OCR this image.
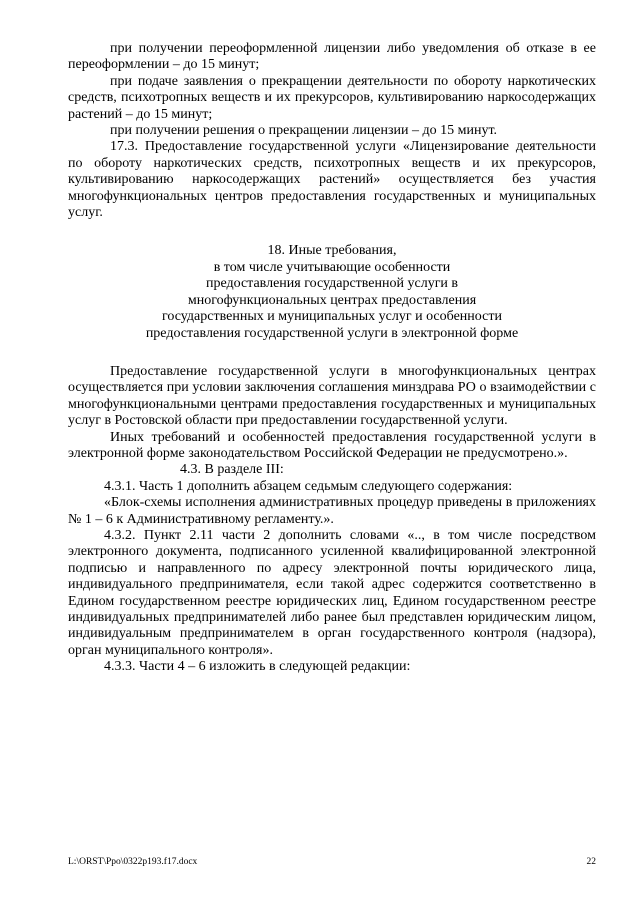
при получении переоформленной лицензии либо уведомления об отказе в ее переоформлении – до 15 минут;

при подаче заявления о прекращении деятельности по обороту наркотических средств, психотропных веществ и их прекурсоров, культивированию наркосодержащих растений – до 15 минут;

при получении решения о прекращении лицензии – до 15 минут.

17.3. Предоставление государственной услуги «Лицензирование деятельности по обороту наркотических средств, психотропных веществ и их прекурсоров, культивированию наркосодержащих растений» осуществляется без участия многофункциональных центров предоставления государственных и муниципальных услуг.

18. Иные требования,
в том числе учитывающие особенности
предоставления государственной услуги в
многофункциональных центрах предоставления
государственных и муниципальных услуг и особенности
предоставления государственной услуги в электронной форме

Предоставление государственной услуги в многофункциональных центрах осуществляется при условии заключения соглашения минздрава РО о взаимодействии с многофункциональными центрами предоставления государственных и муниципальных услуг в Ростовской области при предоставлении государственной услуги.

Иных требований и особенностей предоставления государственной услуги в электронной форме законодательством Российской Федерации не предусмотрено.».

4.3. В разделе III:

4.3.1. Часть 1 дополнить абзацем седьмым следующего содержания:

«Блок-схемы исполнения административных процедур приведены в приложениях № 1 – 6 к Административному регламенту.».

4.3.2. Пункт 2.11 части 2 дополнить словами «.., в том числе посредством электронного документа, подписанного усиленной квалифицированной электронной подписью и направленного по адресу электронной почты юридического лица, индивидуального предпринимателя, если такой адрес содержится соответственно в Едином государственном реестре юридических лиц, Едином государственном реестре индивидуальных предпринимателей либо ранее был представлен юридическим лицом, индивидуальным предпринимателем в орган государственного контроля (надзора), орган муниципального контроля».

4.3.3. Части 4 – 6 изложить в следующей редакции:

L:\ORST\Ppo\0322p193.f17.docx	22
